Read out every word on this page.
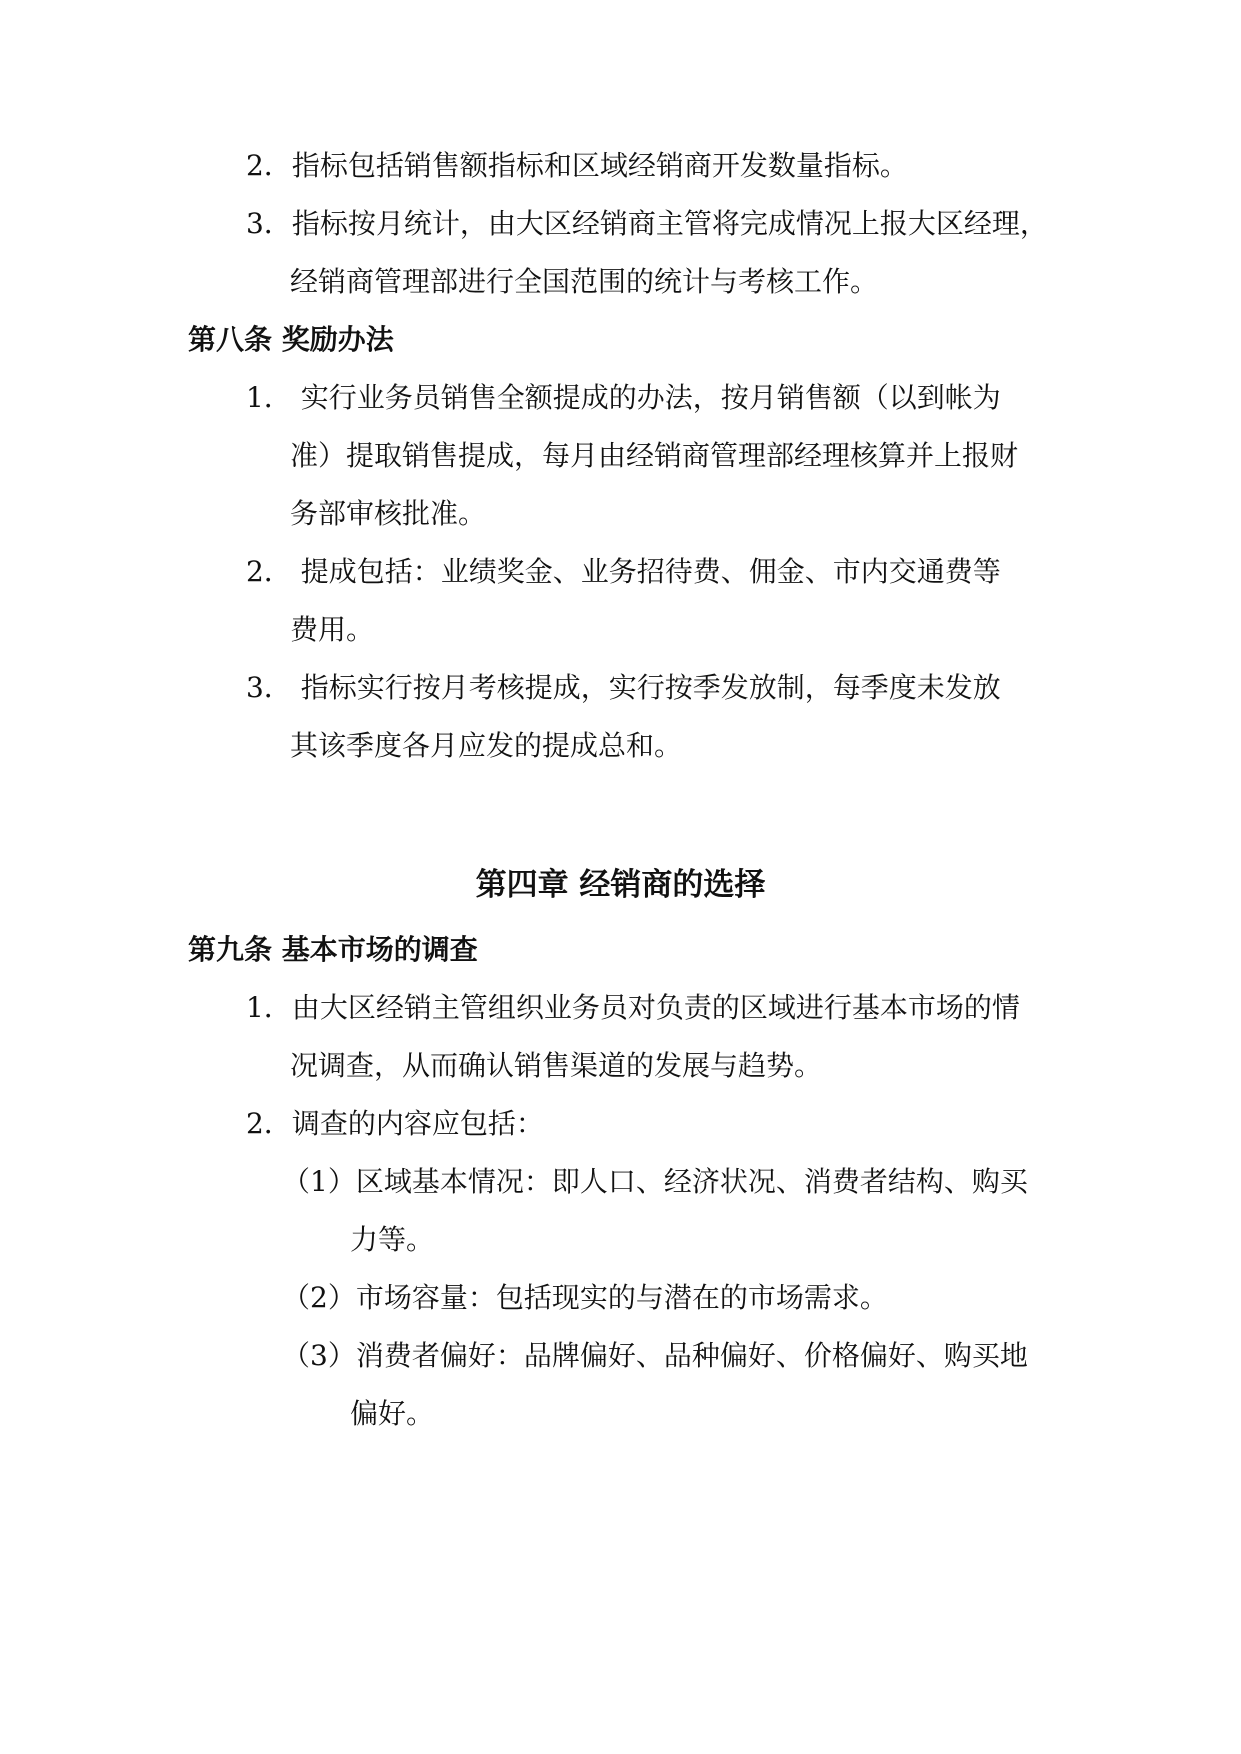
2．指标包括销售额指标和区域经销商开发数量指标。

3．指标按月统计，由大区经销商主管将完成情况上报大区经理，

经销商管理部进行全国范围的统计与考核工作。

第八条 奖励办法

1． 实行业务员销售全额提成的办法，按月销售额（以到帐为

准）提取销售提成，每月由经销商管理部经理核算并上报财

务部审核批准。

2． 提成包括：业绩奖金、业务招待费、佣金、市内交通费等

费用。

3． 指标实行按月考核提成，实行按季发放制，每季度未发放

其该季度各月应发的提成总和。

第四章 经销商的选择

第九条 基本市场的调查

1．由大区经销主管组织业务员对负责的区域进行基本市场的情

况调查，从而确认销售渠道的发展与趋势。

2．调查的内容应包括：

（1）区域基本情况：即人口、经济状况、消费者结构、购买

力等。

（2）市场容量：包括现实的与潜在的市场需求。

（3）消费者偏好：品牌偏好、品种偏好、价格偏好、购买地

偏好。
